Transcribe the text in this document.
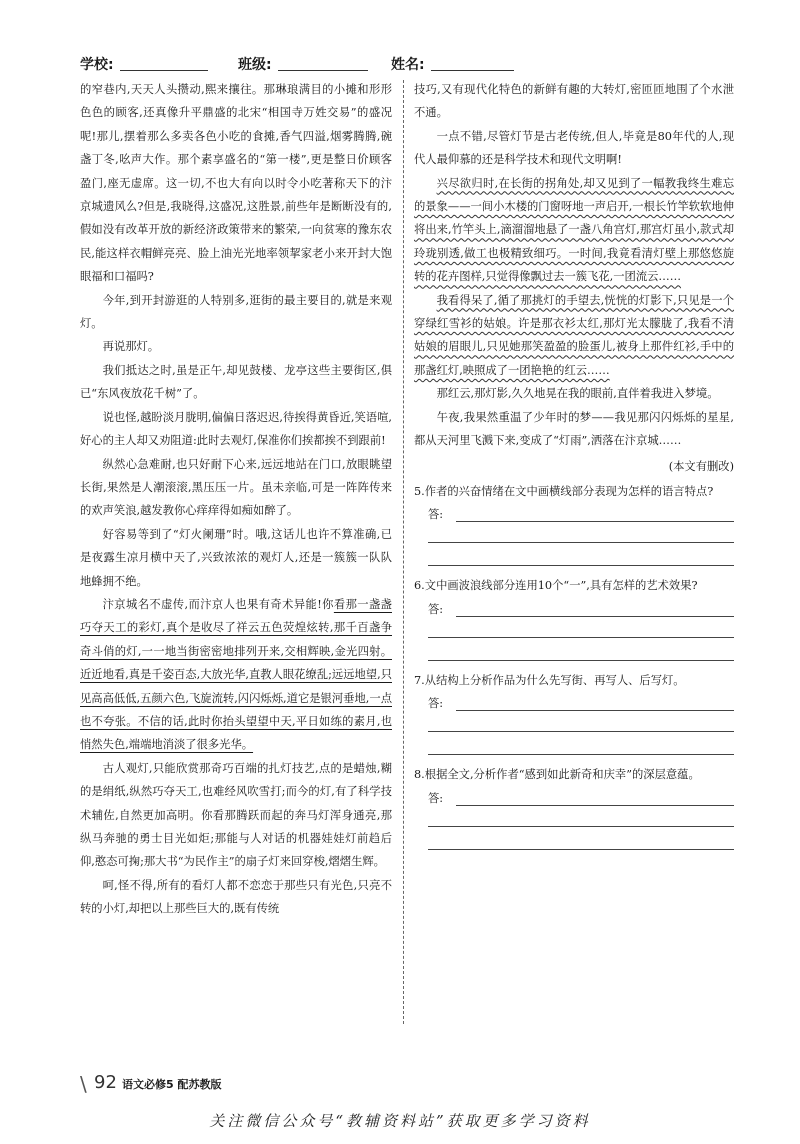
学校:	班级:	姓名:

的窄巷内,天天人头攒动,熙来攘往。那琳琅满目的小摊和形形色色的顾客,还真像升平鼎盛的北宋“相国寺万姓交易”的盛况呢!那儿,摆着那么多卖各色小吃的食摊,香气四溢,烟雾腾腾,碗盏丁冬,吆声大作。那个素享盛名的“第一楼”,更是整日价顾客盈门,座无虚席。这一切,不也大有向以时令小吃著称天下的汴京城遗风么?但是,我晓得,这盛况,这胜景,前些年是断断没有的,假如没有改革开放的新经济政策带来的繁荣,一向贫寒的豫东农民,能这样衣帽鲜亮亮、脸上油光光地率领挈家老小来开封大饱眼福和口福吗?

今年,到开封游逛的人特别多,逛街的最主要目的,就是来观灯。

再说那灯。

我们抵达之时,虽是正午,却见鼓楼、龙亭这些主要街区,俱已“东风夜放花千树”了。

说也怪,越盼淡月胧明,偏偏日落迟迟,待挨得黄昏近,笑语喧,好心的主人却又劝阻道:此时去观灯,保准你们挨都挨不到跟前!

纵然心急难耐,也只好耐下心来,远远地站在门口,放眼眺望长街,果然是人潮滚滚,黑压压一片。虽未亲临,可是一阵阵传来的欢声笑浪,越发教你心痒痒得如痴如醉了。

好容易等到了“灯火阑珊”时。哦,这话儿也许不算准确,已是夜露生凉月横中天了,兴致浓浓的观灯人,还是一簇簇一队队地蜂拥不绝。

汴京城名不虚传,而汴京人也果有奇术异能!你看那一盏盏巧夺天工的彩灯,真个是收尽了祥云五色荧煌炫转,那千百盏争奇斗俏的灯,一一地当街密密地排列开来,交相辉映,金光四射。近近地看,真是千姿百态,大放光华,直教人眼花缭乱;远远地望,只见高高低低,五颜六色,飞旋流转,闪闪烁烁,道它是银河垂地,一点也不夸张。不信的话,此时你抬头望望中天,平日如练的素月,也悄然失色,端端地消淡了很多光华。

古人观灯,只能欣赏那奇巧百端的扎灯技艺,点的是蜡烛,糊的是绢纸,纵然巧夺天工,也难经风吹雪打;而今的灯,有了科学技术辅佐,自然更加高明。你看那腾跃而起的奔马灯浑身通亮,那纵马奔驰的勇士目光如炬;那能与人对话的机器娃娃灯前趋后仰,憨态可掬;那大书“为民作主”的扇子灯来回穿梭,熠熠生辉。

呵,怪不得,所有的看灯人都不恋恋于那些只有光色,只亮不转的小灯,却把以上那些巨大的,既有传统

技巧,又有现代化特色的新鲜有趣的大转灯,密匝匝地围了个水泄不通。

一点不错,尽管灯节是古老传统,但人,毕竟是80年代的人,现代人最仰慕的还是科学技术和现代文明啊!

兴尽欲归时,在长街的拐角处,却又见到了一幅教我终生难忘的景象——一间小木楼的门窗呀地一声启开,一根长竹竿软软地伸将出来,竹竿头上,滴溜溜地悬了一盏八角宫灯,那宫灯虽小,款式却玲珑别透,做工也极精致细巧。一时间,我竟看清灯壁上那悠悠旋转的花卉图样,只觉得像飘过去一簇飞花,一团流云……

我看得呆了,循了那挑灯的手望去,恍恍的灯影下,只见是一个穿绿红雪衫的姑娘。许是那衣衫太红,那灯光太朦胧了,我看不清姑娘的眉眼儿,只见她那笑盈盈的脸蛋儿,被身上那件红衫,手中的那盏红灯,映照成了一团艳艳的红云……

那红云,那灯影,久久地晃在我的眼前,直伴着我进入梦境。

午夜,我果然重温了少年时的梦——我见那闪闪烁烁的星星,都从天河里飞溅下来,变成了“灯雨”,洒落在汴京城……

(本文有删改)

5.作者的兴奋情绪在文中画横线部分表现为怎样的语言特点?
答:
6.文中画波浪线部分连用10个“一”,具有怎样的艺术效果?
答:
7.从结构上分析作品为什么先写街、再写人、后写灯。
答:
8.根据全文,分析作者“感到如此新奇和庆幸”的深层意蕴。
答:
\ 92 语文必修5 配苏教版
关注微信公众号“教辅资料站”获取更多学习资料
